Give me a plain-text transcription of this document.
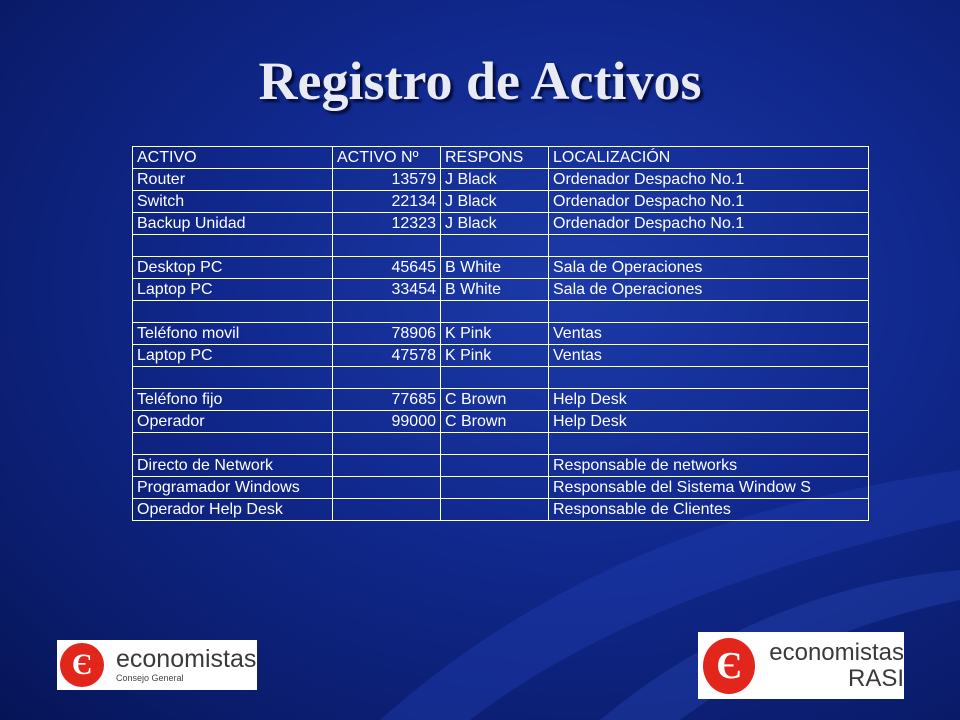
Registro de Activos
ACTIVO	ACTIVO Nº	RESPONS	LOCALIZACIÓN
Router	13579	J Black	Ordenador Despacho No.1
Switch	22134	J Black	Ordenador Despacho No.1
Backup Unidad	12323	J Black	Ordenador Despacho No.1

Desktop PC	45645	B White	Sala de Operaciones
Laptop PC	33454	B White	Sala de Operaciones

Teléfono movil	78906	K Pink	Ventas
Laptop PC	47578	K Pink	Ventas

Teléfono fijo	77685	C Brown	Help Desk
Operador	99000	C Brown	Help Desk

Directo de Network			Responsable de networks
Programador Windows			Responsable del Sistema Window S
Operador Help Desk			Responsable de Clientes
Є economistas
Consejo General	Є	economistas
RASI
